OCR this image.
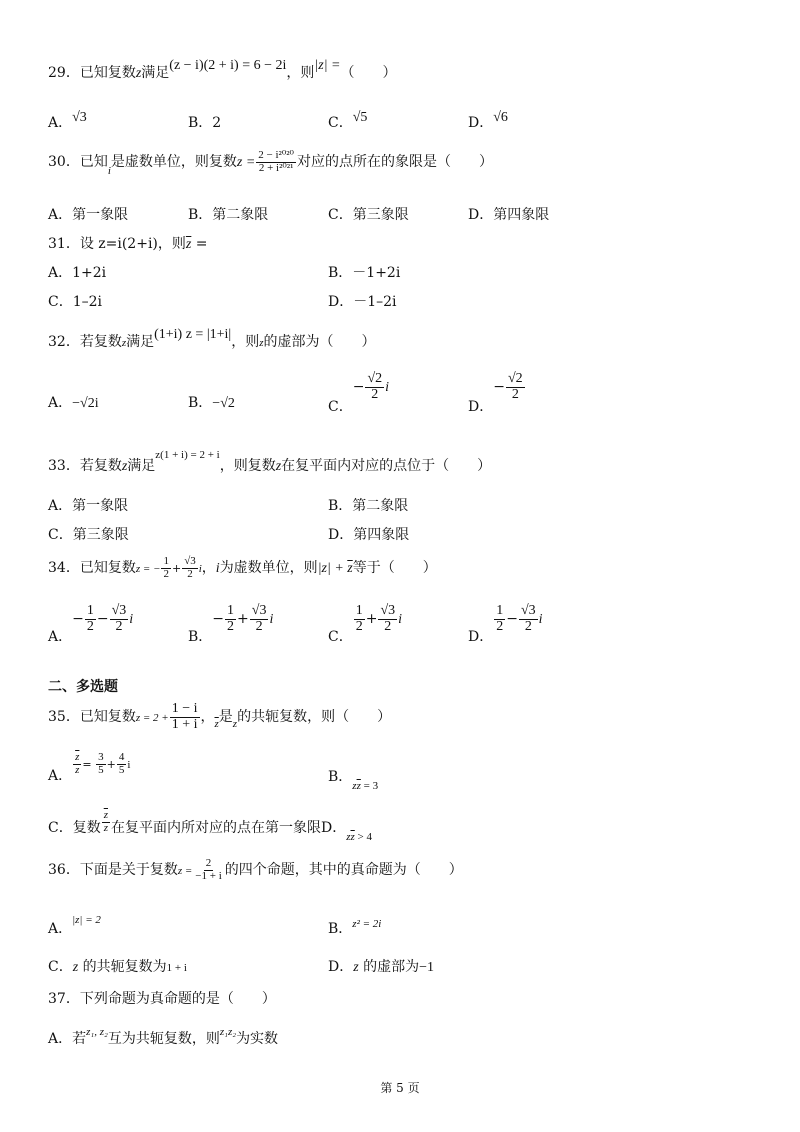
29．已知复数z满足(z − i)(2 + i) = 6 − 2i，则|z| =（　　）
A．√3	B．2	C．√5	D．√6
30．已知$_i$是虚数单位，则复数$z = \frac{\text{2 − i²⁰²⁰}}{\text{2 + i²⁰²¹}}$ 对应的点所在的象限是（　　）
A．第一象限	B．第二象限	C．第三象限	D．第四象限
31．设 z=i(2+i)，则$\overline{z}$ =
A．1+2i	B．－1+2i
C．1–2i	D．－1–2i
32．若复数z满足(1+i) z = |1+i|，则z的虚部为（　　）
A．−√2i	B．−√2	C．− $\frac{√2}{2}$ i
D．− $\frac{√2}{2}$
33．若复数z满足$^{z(1 + i) = 2 + i}$，则复数z在复平面内对应的点位于（　　）
A．第一象限	B．第二象限
C．第三象限	D．第四象限
34．已知复数z = − $\frac{1}{2} + \frac{√3}{2}$ i，i为虚数单位，则$|z| + \overline{z}$等于（　　）
A．− $\frac{1}{2} - \frac{√3}{2}$ i
B．− $\frac{1}{2} + \frac{√3}{2}$ i
C．
$\frac{1}{2} + \frac{√3}{2}$ i
D．
$\frac{1}{2} - \frac{√3}{2}$ i
二、多选题
35．已知复数$z = 2 + \frac{1 - i}{1 + i}$ ，$_{\overline{z}}$是$_z$的共轭复数，则（　　）
A． $\frac{\overline{z}}{z} = \frac{3}{5} + \frac{4}{5}$ i
B．$_{z\overline{z}}$ $_{= 3}$
C．复数 $\frac{\overline{z}}{z}$ 在复平面内所对应的点在第一象限D．$_{z\overline{z}}$ $_{> 4}$
36．下面是关于复数$z = \frac{2}{-1 + i}$ 的四个命题，其中的真命题为（　　）
A．|z| = 2
B．z² = 2i
C．z 的共轭复数为1 + i	D．z 的虚部为−1
37．下列命题为真命题的是（　　）
A．若$^{z_1, z_2}$互为共轭复数，则$^{z_1z_2}$为实数
第 5 页
